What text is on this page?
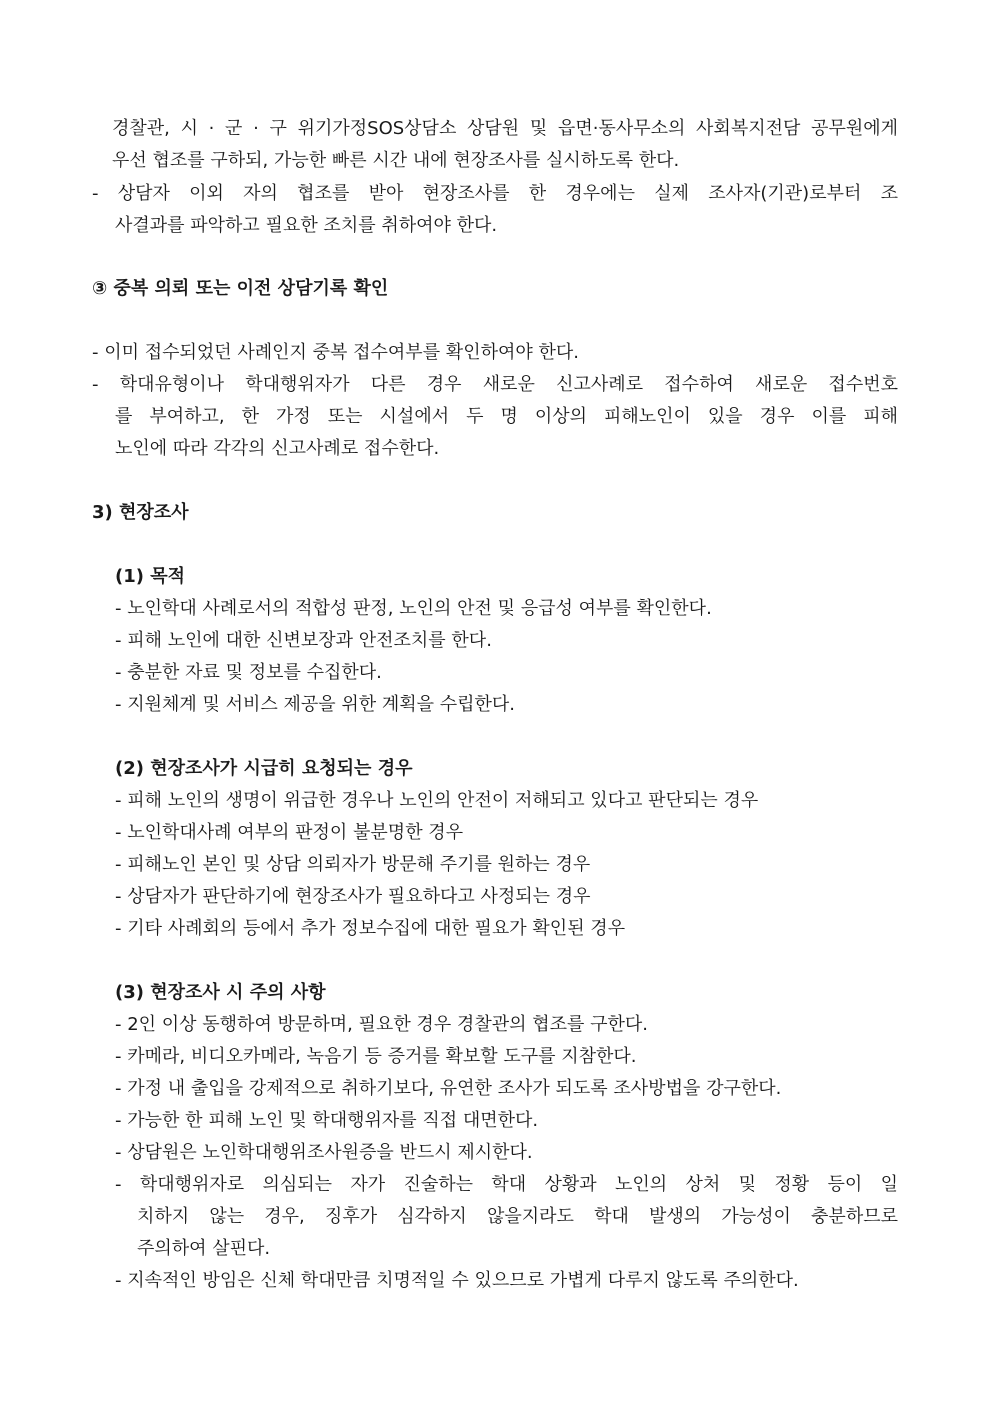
경찰관, 시 · 군 · 구 위기가정SOS상담소 상담원 및 읍면·동사무소의 사회복지전담 공무원에게
우선 협조를 구하되, 가능한 빠른 시간 내에 현장조사를 실시하도록 한다.
- 상담자 이외 자의 협조를 받아 현장조사를 한 경우에는 실제 조사자(기관)로부터 조
사결과를 파악하고 필요한 조치를 취하여야 한다.
③ 중복 의뢰 또는 이전 상담기록 확인
- 이미 접수되었던 사례인지 중복 접수여부를 확인하여야 한다.
- 학대유형이나 학대행위자가 다른 경우 새로운 신고사례로 접수하여 새로운 접수번호
를 부여하고, 한 가정 또는 시설에서 두 명 이상의 피해노인이 있을 경우 이를 피해
노인에 따라 각각의 신고사례로 접수한다.
3) 현장조사
(1) 목적
- 노인학대 사례로서의 적합성 판정, 노인의 안전 및 응급성 여부를 확인한다.
- 피해 노인에 대한 신변보장과 안전조치를 한다.
- 충분한 자료 및 정보를 수집한다.
- 지원체계 및 서비스 제공을 위한 계획을 수립한다.
(2) 현장조사가 시급히 요청되는 경우
- 피해 노인의 생명이 위급한 경우나 노인의 안전이 저해되고 있다고 판단되는 경우
- 노인학대사례 여부의 판정이 불분명한 경우
- 피해노인 본인 및 상담 의뢰자가 방문해 주기를 원하는 경우
- 상담자가 판단하기에 현장조사가 필요하다고 사정되는 경우
- 기타 사례회의 등에서 추가 정보수집에 대한 필요가 확인된 경우
(3) 현장조사 시 주의 사항
- 2인 이상 동행하여 방문하며, 필요한 경우 경찰관의 협조를 구한다.
- 카메라, 비디오카메라, 녹음기 등 증거를 확보할 도구를 지참한다.
- 가정 내 출입을 강제적으로 취하기보다, 유연한 조사가 되도록 조사방법을 강구한다.
- 가능한 한 피해 노인 및 학대행위자를 직접 대면한다.
- 상담원은 노인학대행위조사원증을 반드시 제시한다.
- 학대행위자로 의심되는 자가 진술하는 학대 상황과 노인의 상처 및 정황 등이 일
치하지 않는 경우, 징후가 심각하지 않을지라도 학대 발생의 가능성이 충분하므로
주의하여 살핀다.
- 지속적인 방임은 신체 학대만큼 치명적일 수 있으므로 가볍게 다루지 않도록 주의한다.
